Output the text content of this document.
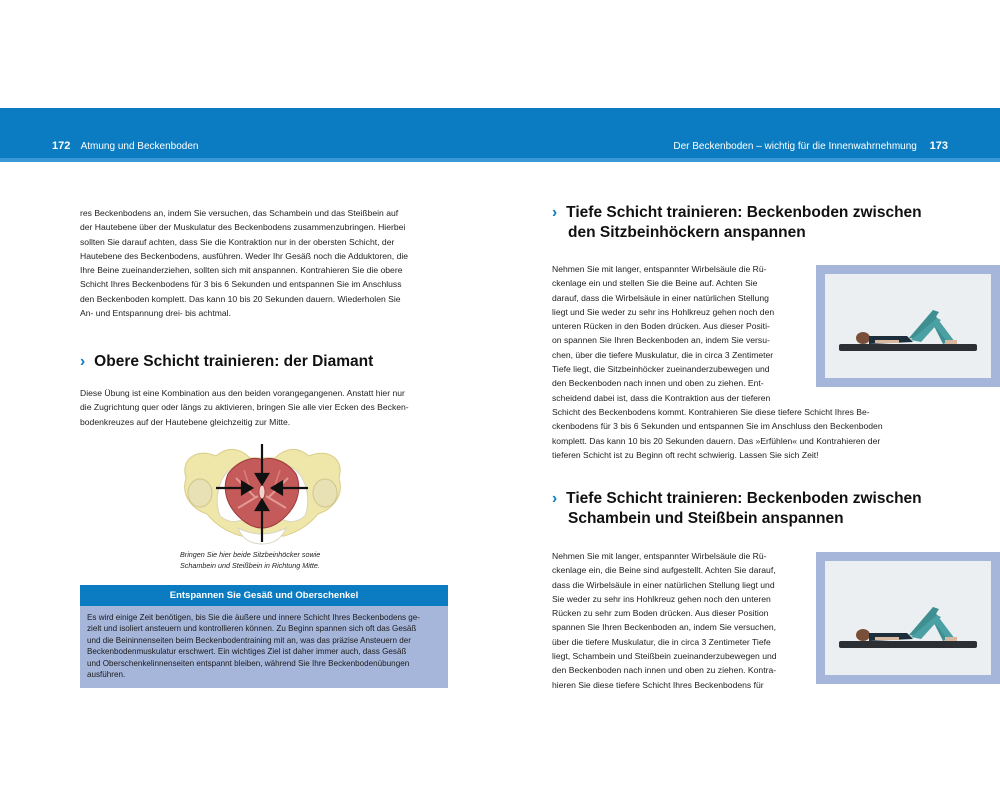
172 Atmung und Beckenboden	Der Beckenboden – wichtig für die Innenwahrnehmung 173
res Beckenbodens an, indem Sie versuchen, das Schambein und das Steißbein auf
der Hautebene über der Muskulatur des Beckenbodens zusammenzubringen. Hierbei
sollten Sie darauf achten, dass Sie die Kontraktion nur in der obersten Schicht, der
Hautebene des Beckenbodens, ausführen. Weder Ihr Gesäß noch die Adduktoren, die
Ihre Beine zueinanderziehen, sollten sich mit anspannen. Kontrahieren Sie die obere
Schicht Ihres Beckenbodens für 3 bis 6 Sekunden und entspannen Sie im Anschluss
den Beckenboden komplett. Das kann 10 bis 20 Sekunden dauern. Wiederholen Sie
An- und Entspannung drei- bis achtmal.
› Obere Schicht trainieren: der Diamant
Diese Übung ist eine Kombination aus den beiden vorangegangenen. Anstatt hier nur
die Zugrichtung quer oder längs zu aktivieren, bringen Sie alle vier Ecken des Becken-
bodenkreuzes auf der Hautebene gleichzeitig zur Mitte.
Bringen Sie hier beide Sitzbeinhöcker sowie
Schambein und Steißbein in Richtung Mitte.
Entspannen Sie Gesäß und Oberschenkel
Es wird einige Zeit benötigen, bis Sie die äußere und innere Schicht Ihres Beckenbodens ge-
zielt und isoliert ansteuern und kontrollieren können. Zu Beginn spannen sich oft das Gesäß
und die Beininnenseiten beim Beckenbodentraining mit an, was das präzise Ansteuern der
Beckenbodenmuskulatur erschwert. Ein wichtiges Ziel ist daher immer auch, dass Gesäß
und Oberschenkelinnenseiten entspannt bleiben, während Sie Ihre Beckenbodenübungen
ausführen.
› Tiefe Schicht trainieren: Beckenboden zwischen
den Sitzbeinhöckern anspannen
Nehmen Sie mit langer, entspannter Wirbelsäule die Rü-
ckenlage ein und stellen Sie die Beine auf. Achten Sie
darauf, dass die Wirbelsäule in einer natürlichen Stellung
liegt und Sie weder zu sehr ins Hohlkreuz gehen noch den
unteren Rücken in den Boden drücken. Aus dieser Positi-
on spannen Sie Ihren Beckenboden an, indem Sie versu-
chen, über die tiefere Muskulatur, die in circa 3 Zentimeter
Tiefe liegt, die Sitzbeinhöcker zueinanderzubewegen und
den Beckenboden nach innen und oben zu ziehen. Ent-
scheidend dabei ist, dass die Kontraktion aus der tieferen
Schicht des Beckenbodens kommt. Kontrahieren Sie diese tiefere Schicht Ihres Be-
ckenbodens für 3 bis 6 Sekunden und entspannen Sie im Anschluss den Beckenboden
komplett. Das kann 10 bis 20 Sekunden dauern. Das »Erfühlen« und Kontrahieren der
tieferen Schicht ist zu Beginn oft recht schwierig. Lassen Sie sich Zeit!
› Tiefe Schicht trainieren: Beckenboden zwischen
Schambein und Steißbein anspannen
Nehmen Sie mit langer, entspannter Wirbelsäule die Rü-
ckenlage ein, die Beine sind aufgestellt. Achten Sie darauf,
dass die Wirbelsäule in einer natürlichen Stellung liegt und
Sie weder zu sehr ins Hohlkreuz gehen noch den unteren
Rücken zu sehr zum Boden drücken. Aus dieser Position
spannen Sie Ihren Beckenboden an, indem Sie versuchen,
über die tiefere Muskulatur, die in circa 3 Zentimeter Tiefe
liegt, Schambein und Steißbein zueinanderzubewegen und
den Beckenboden nach innen und oben zu ziehen. Kontra-
hieren Sie diese tiefere Schicht Ihres Beckenbodens für
